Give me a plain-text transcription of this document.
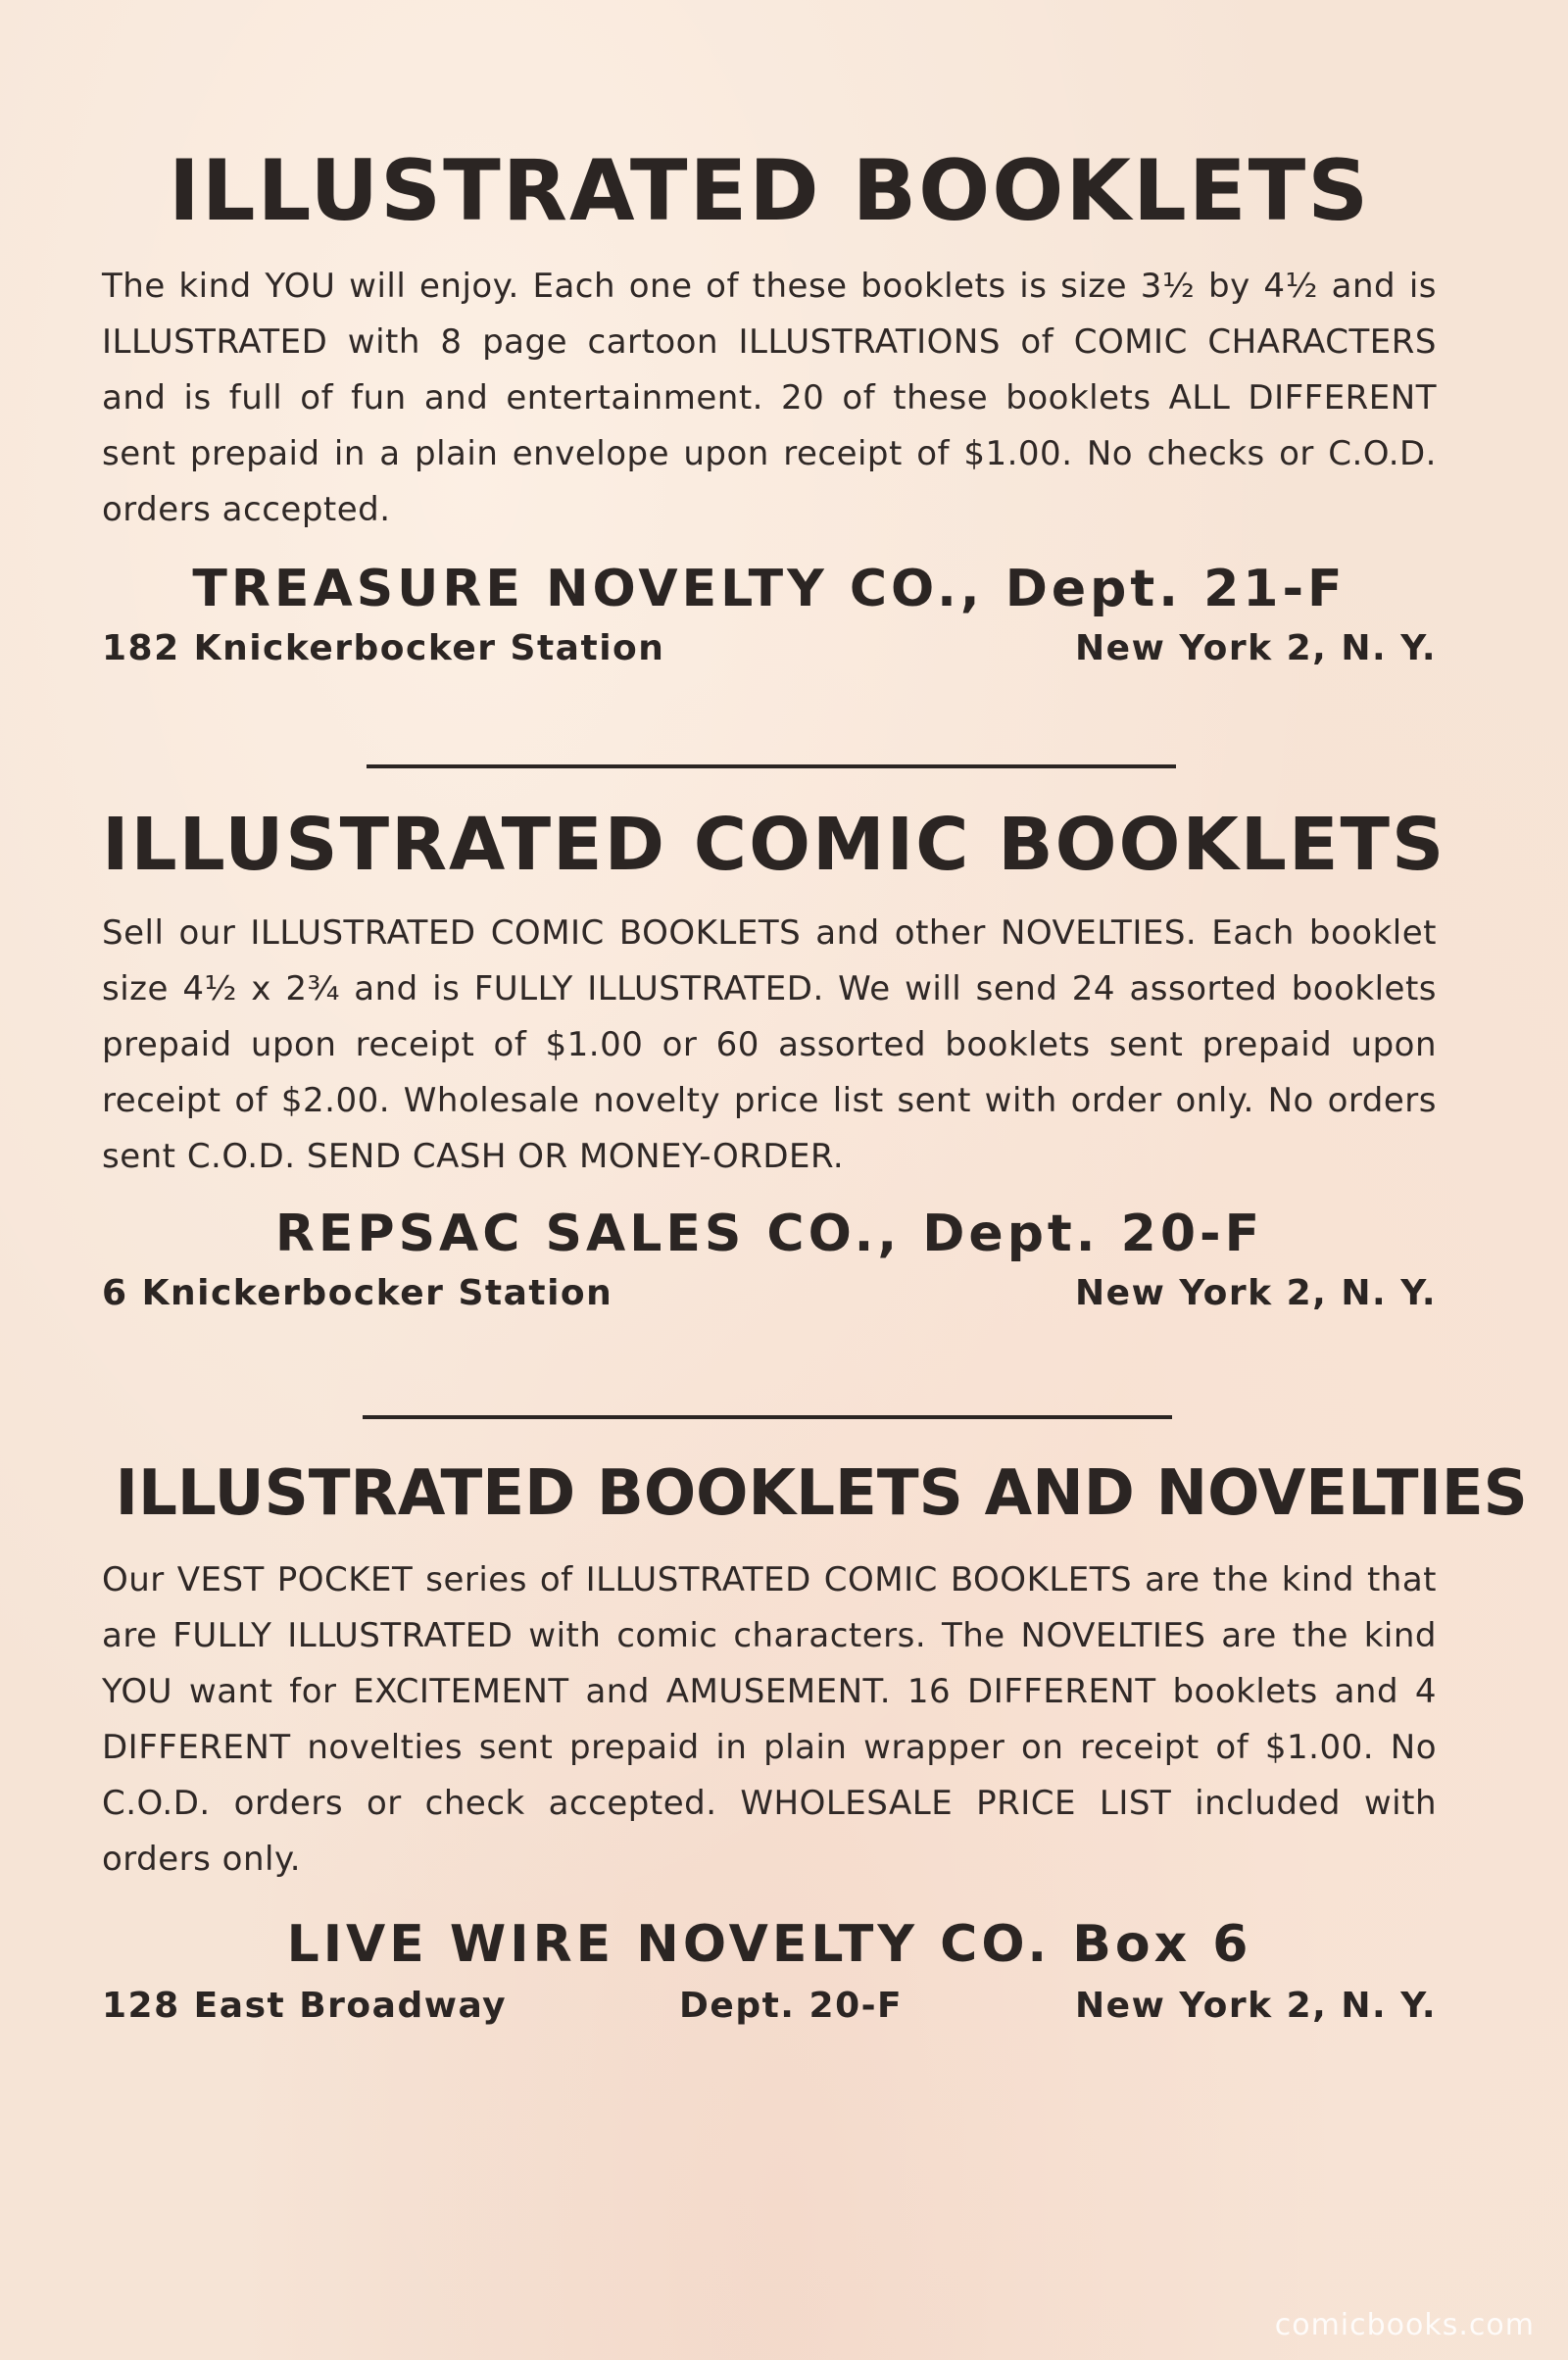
ILLUSTRATED BOOKLETS

The kind YOU will enjoy. Each one of these booklets is size 3½ by 4½ and is ILLUSTRATED with 8 page cartoon ILLUSTRATIONS of COMIC CHARACTERS and is full of fun and entertainment. 20 of these booklets ALL DIFFERENT sent prepaid in a plain envelope upon receipt of $1.00. No checks or C.O.D. orders accepted.

TREASURE NOVELTY CO., Dept. 21-F
182 Knickerbocker Station	New York 2, N. Y.
ILLUSTRATED COMIC BOOKLETS

Sell our ILLUSTRATED COMIC BOOKLETS and other NOVELTIES. Each booklet size 4½ x 2¾ and is FULLY ILLUSTRATED. We will send 24 assorted booklets prepaid upon receipt of $1.00 or 60 assorted booklets sent prepaid upon receipt of $2.00. Wholesale novelty price list sent with order only. No orders sent C.O.D. SEND CASH OR MONEY-ORDER.

REPSAC SALES CO., Dept. 20-F
6 Knickerbocker Station	New York 2, N. Y.
ILLUSTRATED BOOKLETS AND NOVELTIES

Our VEST POCKET series of ILLUSTRATED COMIC BOOKLETS are the kind that are FULLY ILLUSTRATED with comic characters. The NOVELTIES are the kind YOU want for EXCITEMENT and AMUSEMENT. 16 DIFFERENT booklets and 4 DIFFERENT novelties sent prepaid in plain wrapper on receipt of $1.00. No C.O.D. orders or check accepted. WHOLESALE PRICE LIST included with orders only.

LIVE WIRE NOVELTY CO. Box 6
128 East Broadway	Dept. 20-F	New York 2, N. Y.
comicbooks.com
